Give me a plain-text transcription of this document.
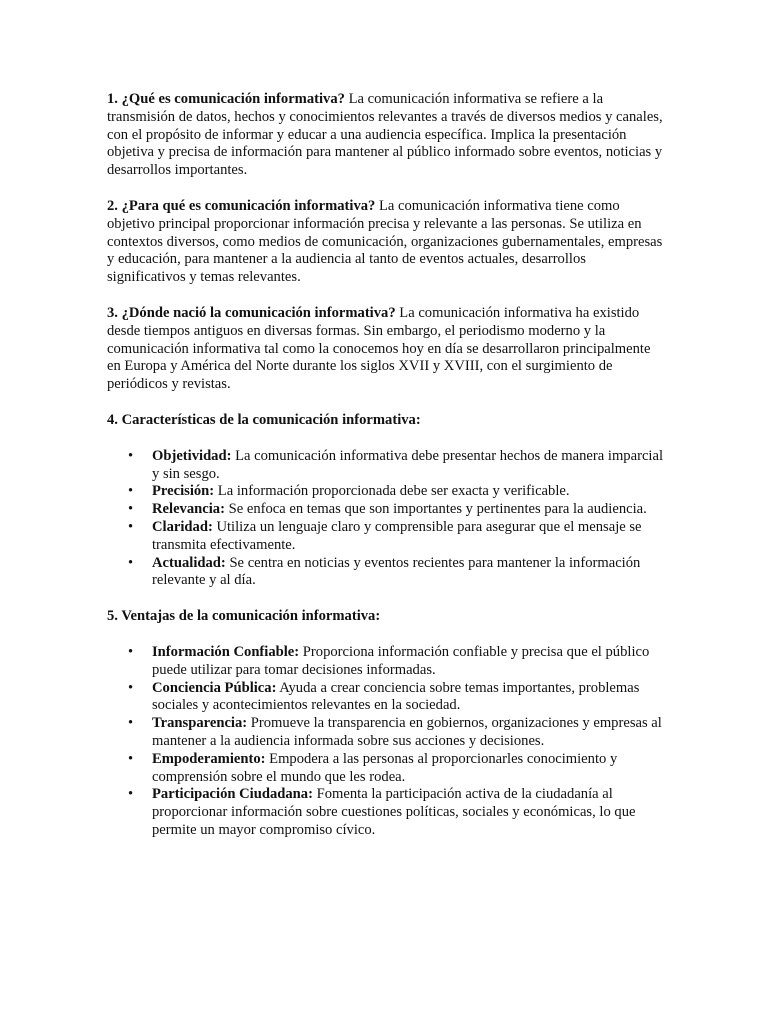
1. ¿Qué es comunicación informativa? La comunicación informativa se refiere a la transmisión de datos, hechos y conocimientos relevantes a través de diversos medios y canales, con el propósito de informar y educar a una audiencia específica. Implica la presentación objetiva y precisa de información para mantener al público informado sobre eventos, noticias y desarrollos importantes.

2. ¿Para qué es comunicación informativa? La comunicación informativa tiene como objetivo principal proporcionar información precisa y relevante a las personas. Se utiliza en contextos diversos, como medios de comunicación, organizaciones gubernamentales, empresas y educación, para mantener a la audiencia al tanto de eventos actuales, desarrollos significativos y temas relevantes.

3. ¿Dónde nació la comunicación informativa? La comunicación informativa ha existido desde tiempos antiguos en diversas formas. Sin embargo, el periodismo moderno y la comunicación informativa tal como la conocemos hoy en día se desarrollaron principalmente en Europa y América del Norte durante los siglos XVII y XVIII, con el surgimiento de periódicos y revistas.

4. Características de la comunicación informativa:

• Objetividad: La comunicación informativa debe presentar hechos de manera imparcial y sin sesgo.
• Precisión: La información proporcionada debe ser exacta y verificable.
• Relevancia: Se enfoca en temas que son importantes y pertinentes para la audiencia.
• Claridad: Utiliza un lenguaje claro y comprensible para asegurar que el mensaje se transmita efectivamente.
• Actualidad: Se centra en noticias y eventos recientes para mantener la información relevante y al día.

5. Ventajas de la comunicación informativa:

• Información Confiable: Proporciona información confiable y precisa que el público puede utilizar para tomar decisiones informadas.
• Conciencia Pública: Ayuda a crear conciencia sobre temas importantes, problemas sociales y acontecimientos relevantes en la sociedad.
• Transparencia: Promueve la transparencia en gobiernos, organizaciones y empresas al mantener a la audiencia informada sobre sus acciones y decisiones.
• Empoderamiento: Empodera a las personas al proporcionarles conocimiento y comprensión sobre el mundo que les rodea.
• Participación Ciudadana: Fomenta la participación activa de la ciudadanía al proporcionar información sobre cuestiones políticas, sociales y económicas, lo que permite un mayor compromiso cívico.
